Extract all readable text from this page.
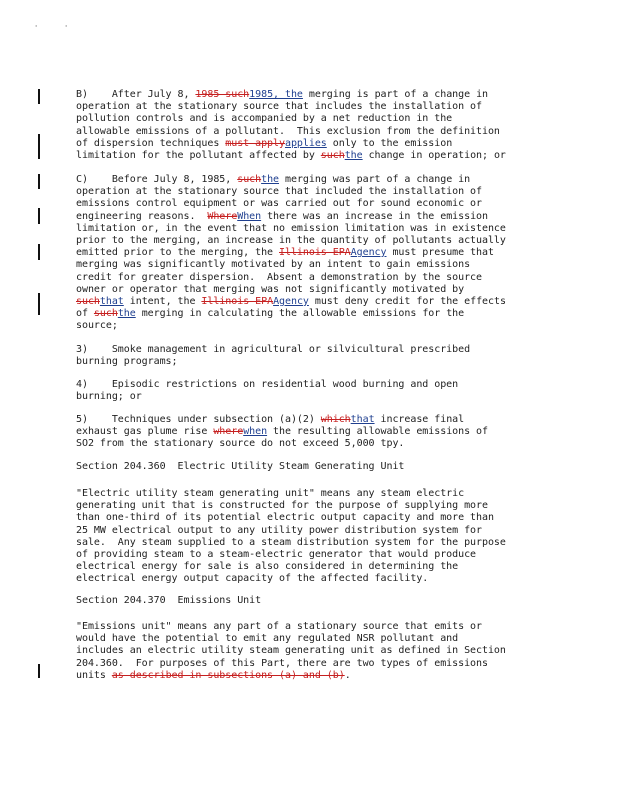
'	'
B)    After July 8, 1985 such1985, the merging is part of a change in
operation at the stationary source that includes the installation of
pollution controls and is accompanied by a net reduction in the
allowable emissions of a pollutant.  This exclusion from the definition
of dispersion techniques must applyapplies only to the emission
limitation for the pollutant affected by suchthe change in operation; or
C)    Before July 8, 1985, suchthe merging was part of a change in
operation at the stationary source that included the installation of
emissions control equipment or was carried out for sound economic or
engineering reasons.  WhereWhen there was an increase in the emission
limitation or, in the event that no emission limitation was in existence
prior to the merging, an increase in the quantity of pollutants actually
emitted prior to the merging, the Illinois EPAAgency must presume that
merging was significantly motivated by an intent to gain emissions
credit for greater dispersion.  Absent a demonstration by the source
owner or operator that merging was not significantly motivated by
suchthat intent, the Illinois EPAAgency must deny credit for the effects
of suchthe merging in calculating the allowable emissions for the
source;
3)    Smoke management in agricultural or silvicultural prescribed
burning programs;
4)    Episodic restrictions on residential wood burning and open
burning; or
5)    Techniques under subsection (a)(2) whichthat increase final
exhaust gas plume rise wherewhen the resulting allowable emissions of
SO2 from the stationary source do not exceed 5,000 tpy.
Section 204.360  Electric Utility Steam Generating Unit
"Electric utility steam generating unit" means any steam electric
generating unit that is constructed for the purpose of supplying more
than one-third of its potential electric output capacity and more than
25 MW electrical output to any utility power distribution system for
sale.  Any steam supplied to a steam distribution system for the purpose
of providing steam to a steam-electric generator that would produce
electrical energy for sale is also considered in determining the
electrical energy output capacity of the affected facility.
Section 204.370  Emissions Unit
"Emissions unit" means any part of a stationary source that emits or
would have the potential to emit any regulated NSR pollutant and
includes an electric utility steam generating unit as defined in Section
204.360.  For purposes of this Part, there are two types of emissions
units as described in subsections (a) and (b).
